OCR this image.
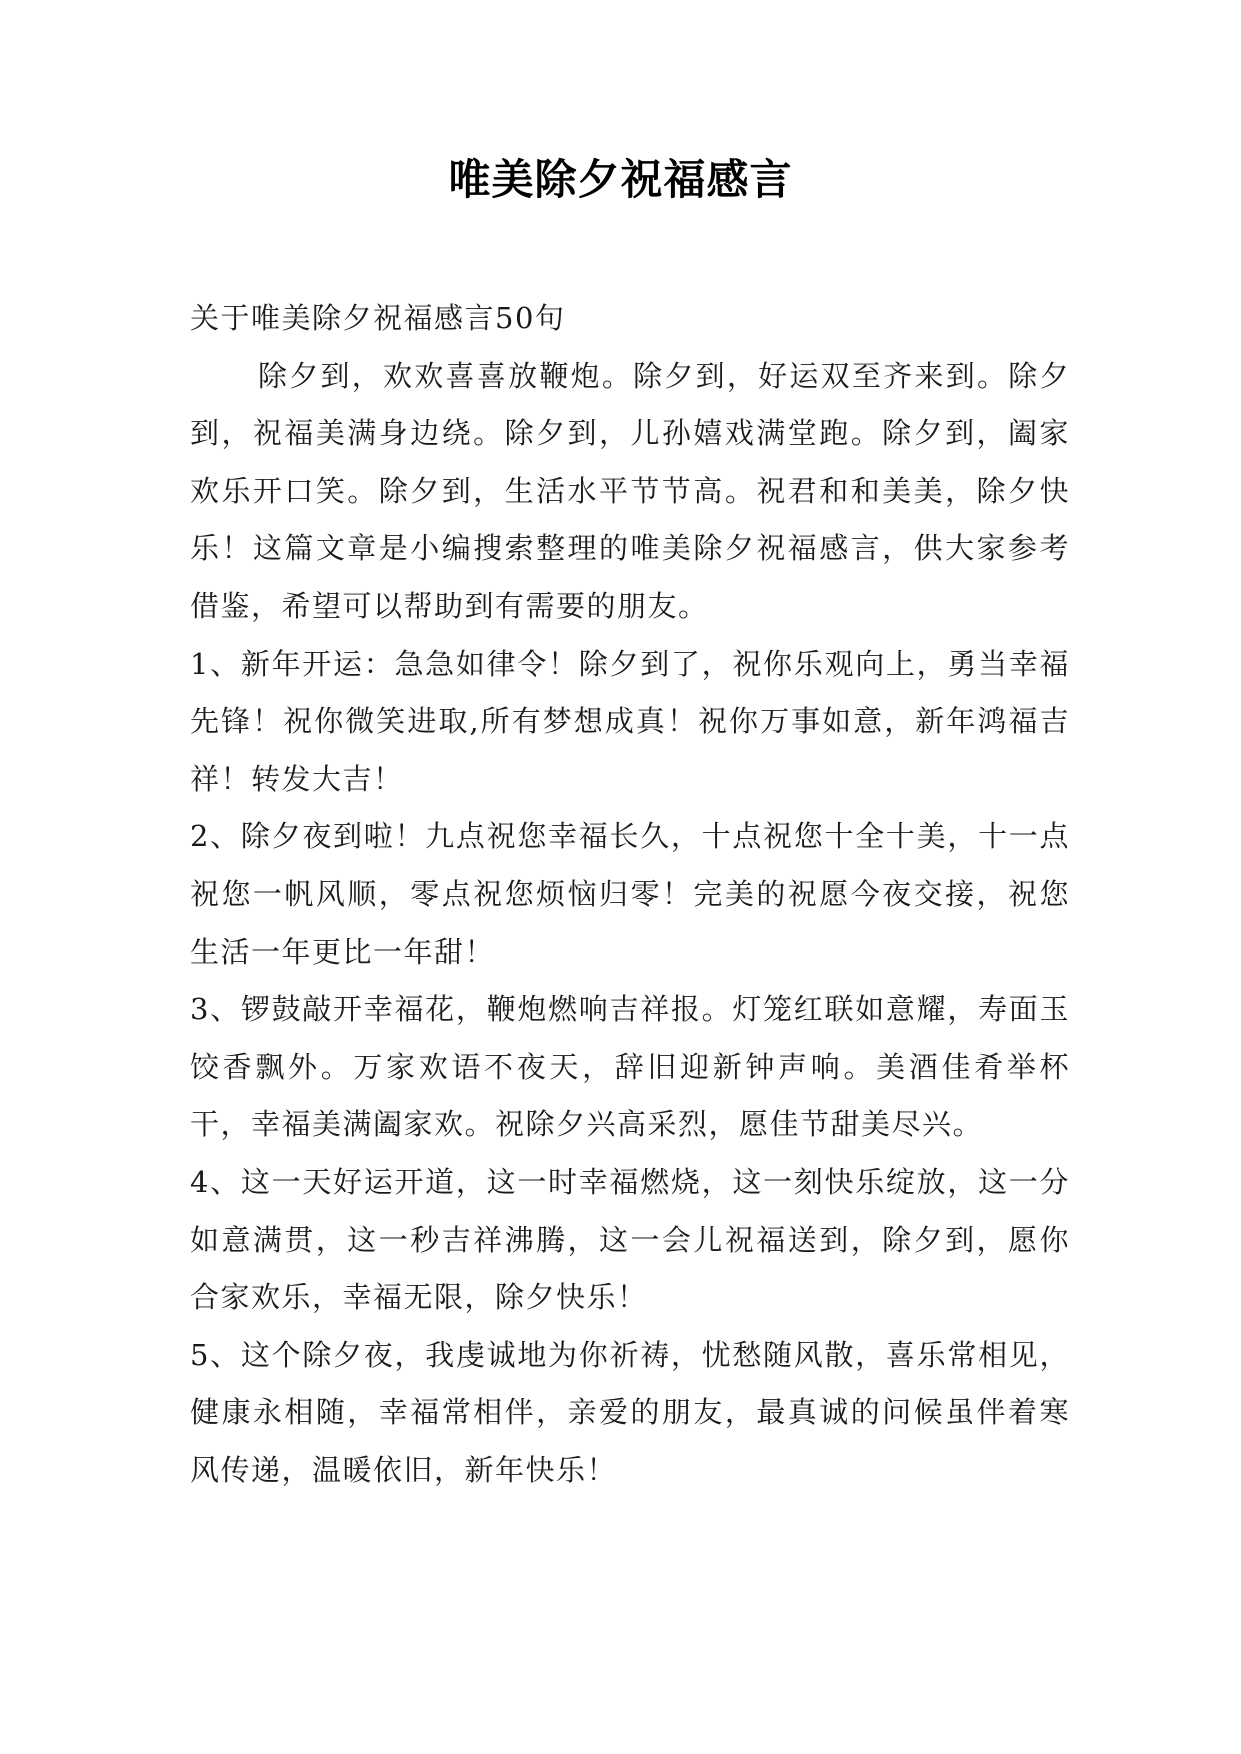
唯美除夕祝福感言

关于唯美除夕祝福感言50句

除夕到，欢欢喜喜放鞭炮。除夕到，好运双至齐来到。除夕到，祝福美满身边绕。除夕到，儿孙嬉戏满堂跑。除夕到，阖家欢乐开口笑。除夕到，生活水平节节高。祝君和和美美，除夕快乐！这篇文章是小编搜索整理的唯美除夕祝福感言，供大家参考借鉴，希望可以帮助到有需要的朋友。

1、新年开运：急急如律令！除夕到了，祝你乐观向上，勇当幸福先锋！祝你微笑进取,所有梦想成真！祝你万事如意，新年鸿福吉祥！转发大吉！

2、除夕夜到啦！九点祝您幸福长久，十点祝您十全十美，十一点祝您一帆风顺，零点祝您烦恼归零！完美的祝愿今夜交接，祝您生活一年更比一年甜！

3、锣鼓敲开幸福花，鞭炮燃响吉祥报。灯笼红联如意耀，寿面玉饺香飘外。万家欢语不夜天，辞旧迎新钟声响。美酒佳肴举杯干，幸福美满阖家欢。祝除夕兴高采烈，愿佳节甜美尽兴。

4、这一天好运开道，这一时幸福燃烧，这一刻快乐绽放，这一分如意满贯，这一秒吉祥沸腾，这一会儿祝福送到，除夕到，愿你合家欢乐，幸福无限，除夕快乐！

5、这个除夕夜，我虔诚地为你祈祷，忧愁随风散，喜乐常相见，健康永相随，幸福常相伴，亲爱的朋友，最真诚的问候虽伴着寒风传递，温暖依旧，新年快乐！
